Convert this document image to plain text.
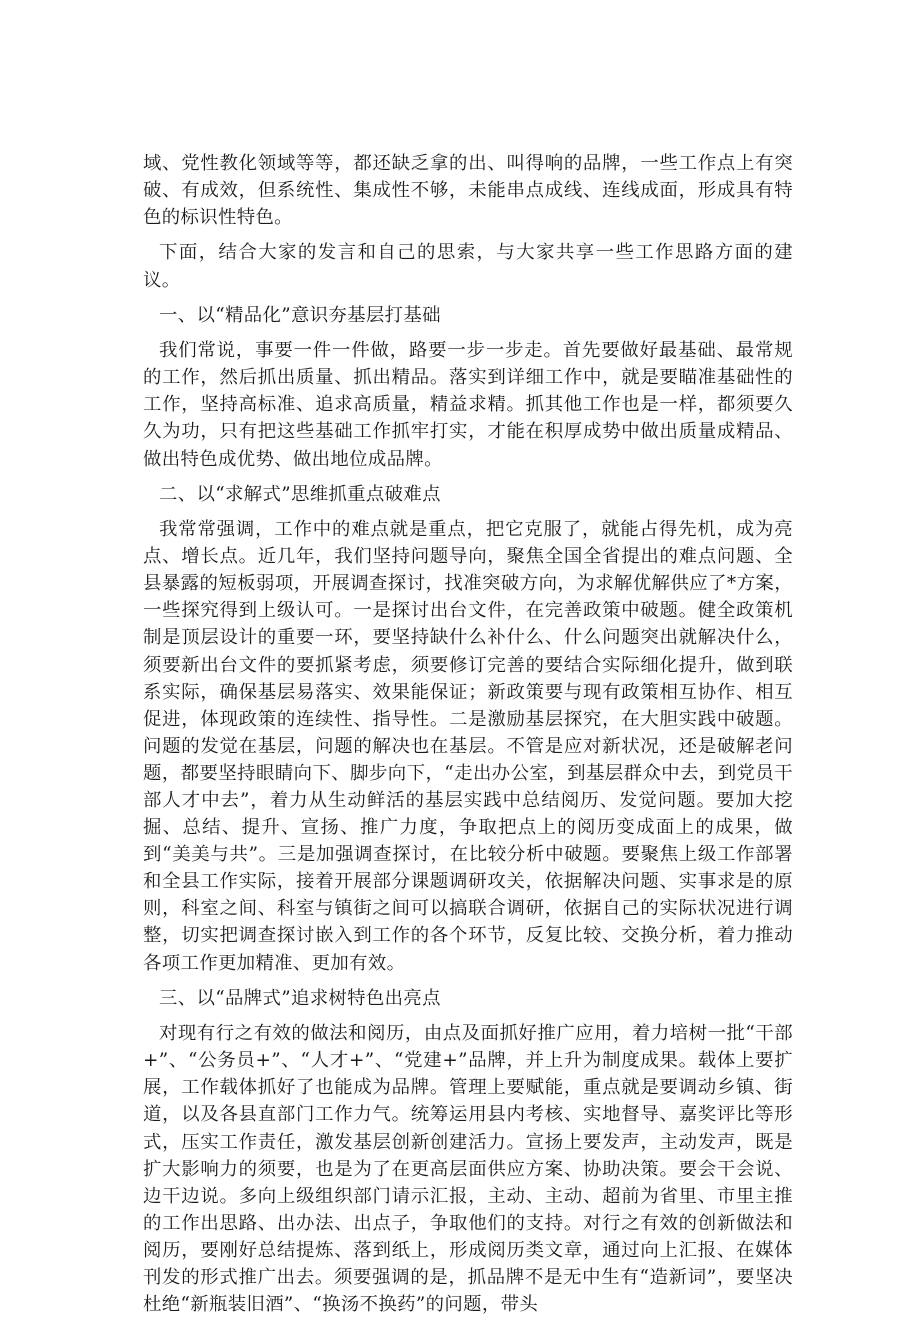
域、党性教化领域等等，都还缺乏拿的出、叫得响的品牌，一些工作点上有突破、有成效，但系统性、集成性不够，未能串点成线、连线成面，形成具有特色的标识性特色。

下面，结合大家的发言和自己的思索，与大家共享一些工作思路方面的建议。

一、以“精品化”意识夯基层打基础

我们常说，事要一件一件做，路要一步一步走。首先要做好最基础、最常规的工作，然后抓出质量、抓出精品。落实到详细工作中，就是要瞄准基础性的工作，坚持高标准、追求高质量，精益求精。抓其他工作也是一样，都须要久久为功，只有把这些基础工作抓牢打实，才能在积厚成势中做出质量成精品、做出特色成优势、做出地位成品牌。

二、以“求解式”思维抓重点破难点

我常常强调，工作中的难点就是重点，把它克服了，就能占得先机，成为亮点、增长点。近几年，我们坚持问题导向，聚焦全国全省提出的难点问题、全县暴露的短板弱项，开展调查探讨，找准突破方向，为求解优解供应了*方案，一些探究得到上级认可。一是探讨出台文件，在完善政策中破题。健全政策机制是顶层设计的重要一环，要坚持缺什么补什么、什么问题突出就解决什么，须要新出台文件的要抓紧考虑，须要修订完善的要结合实际细化提升，做到联系实际，确保基层易落实、效果能保证；新政策要与现有政策相互协作、相互促进，体现政策的连续性、指导性。二是激励基层探究，在大胆实践中破题。问题的发觉在基层，问题的解决也在基层。不管是应对新状况，还是破解老问题，都要坚持眼睛向下、脚步向下，“走出办公室，到基层群众中去，到党员干部人才中去”，着力从生动鲜活的基层实践中总结阅历、发觉问题。要加大挖掘、总结、提升、宣扬、推广力度，争取把点上的阅历变成面上的成果，做到“美美与共”。三是加强调查探讨，在比较分析中破题。要聚焦上级工作部署和全县工作实际，接着开展部分课题调研攻关，依据解决问题、实事求是的原则，科室之间、科室与镇街之间可以搞联合调研，依据自己的实际状况进行调整，切实把调查探讨嵌入到工作的各个环节，反复比较、交换分析，着力推动各项工作更加精准、更加有效。

三、以“品牌式”追求树特色出亮点

对现有行之有效的做法和阅历，由点及面抓好推广应用，着力培树一批“干部+”、“公务员+”、“人才+”、“党建+”品牌，并上升为制度成果。载体上要扩展，工作载体抓好了也能成为品牌。管理上要赋能，重点就是要调动乡镇、街道，以及各县直部门工作力气。统筹运用县内考核、实地督导、嘉奖评比等形式，压实工作责任，激发基层创新创建活力。宣扬上要发声，主动发声，既是扩大影响力的须要，也是为了在更高层面供应方案、协助决策。要会干会说、边干边说。多向上级组织部门请示汇报，主动、主动、超前为省里、市里主推的工作出思路、出办法、出点子，争取他们的支持。对行之有效的创新做法和阅历，要刚好总结提炼、落到纸上，形成阅历类文章，通过向上汇报、在媒体刊发的形式推广出去。须要强调的是，抓品牌不是无中生有“造新词”，要坚决杜绝“新瓶装旧酒”、“换汤不换药”的问题，带头
